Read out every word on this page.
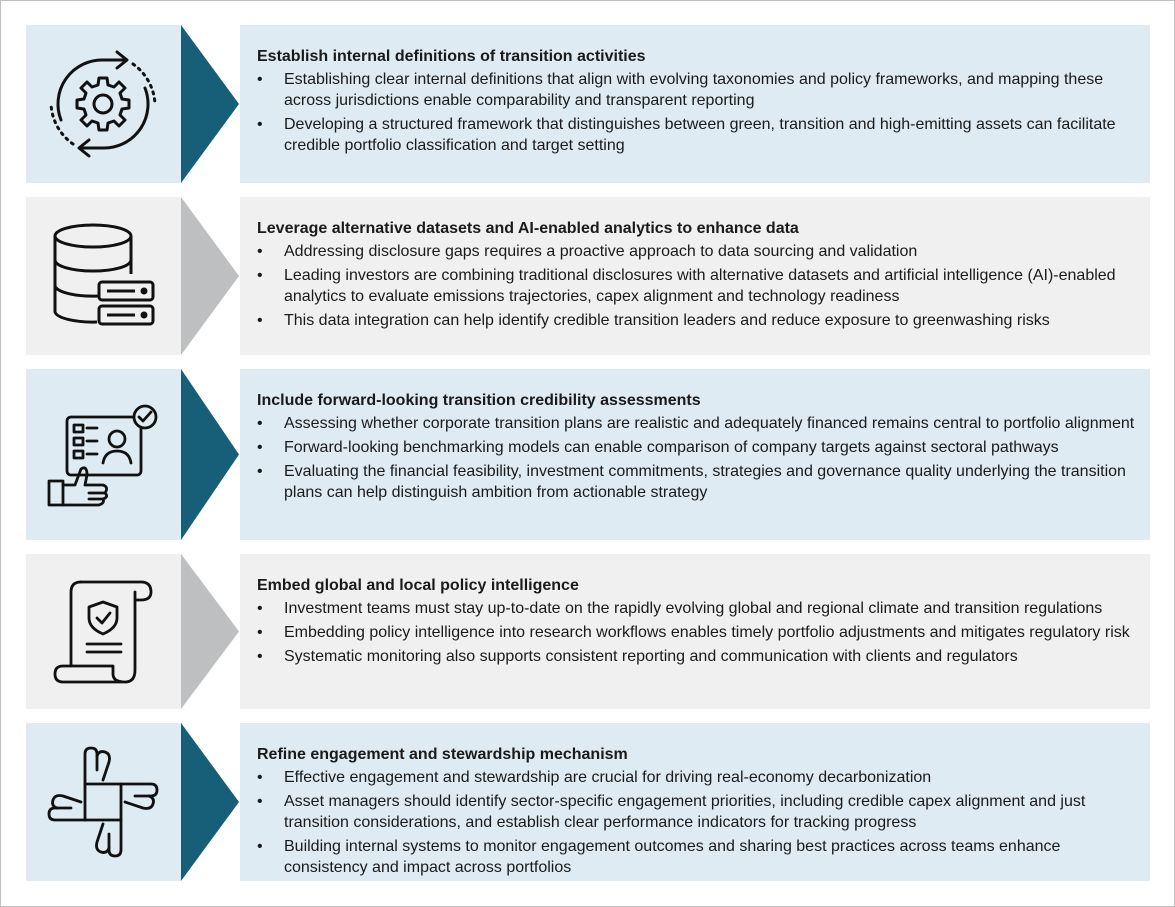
Establish internal definitions of transition activities
• Establishing clear internal definitions that align with evolving taxonomies and policy frameworks, and mapping these across jurisdictions enable comparability and transparent reporting
• Developing a structured framework that distinguishes between green, transition and high-emitting assets can facilitate credible portfolio classification and target setting
Leverage alternative datasets and AI-enabled analytics to enhance data
• Addressing disclosure gaps requires a proactive approach to data sourcing and validation
• Leading investors are combining traditional disclosures with alternative datasets and artificial intelligence (AI)-enabled analytics to evaluate emissions trajectories, capex alignment and technology readiness
• This data integration can help identify credible transition leaders and reduce exposure to greenwashing risks
Include forward-looking transition credibility assessments
• Assessing whether corporate transition plans are realistic and adequately financed remains central to portfolio alignment
• Forward-looking benchmarking models can enable comparison of company targets against sectoral pathways
• Evaluating the financial feasibility, investment commitments, strategies and governance quality underlying the transition plans can help distinguish ambition from actionable strategy
Embed global and local policy intelligence
• Investment teams must stay up-to-date on the rapidly evolving global and regional climate and transition regulations
• Embedding policy intelligence into research workflows enables timely portfolio adjustments and mitigates regulatory risk
• Systematic monitoring also supports consistent reporting and communication with clients and regulators
Refine engagement and stewardship mechanism
• Effective engagement and stewardship are crucial for driving real-economy decarbonization
• Asset managers should identify sector-specific engagement priorities, including credible capex alignment and just transition considerations, and establish clear performance indicators for tracking progress
• Building internal systems to monitor engagement outcomes and sharing best practices across teams enhance consistency and impact across portfolios
